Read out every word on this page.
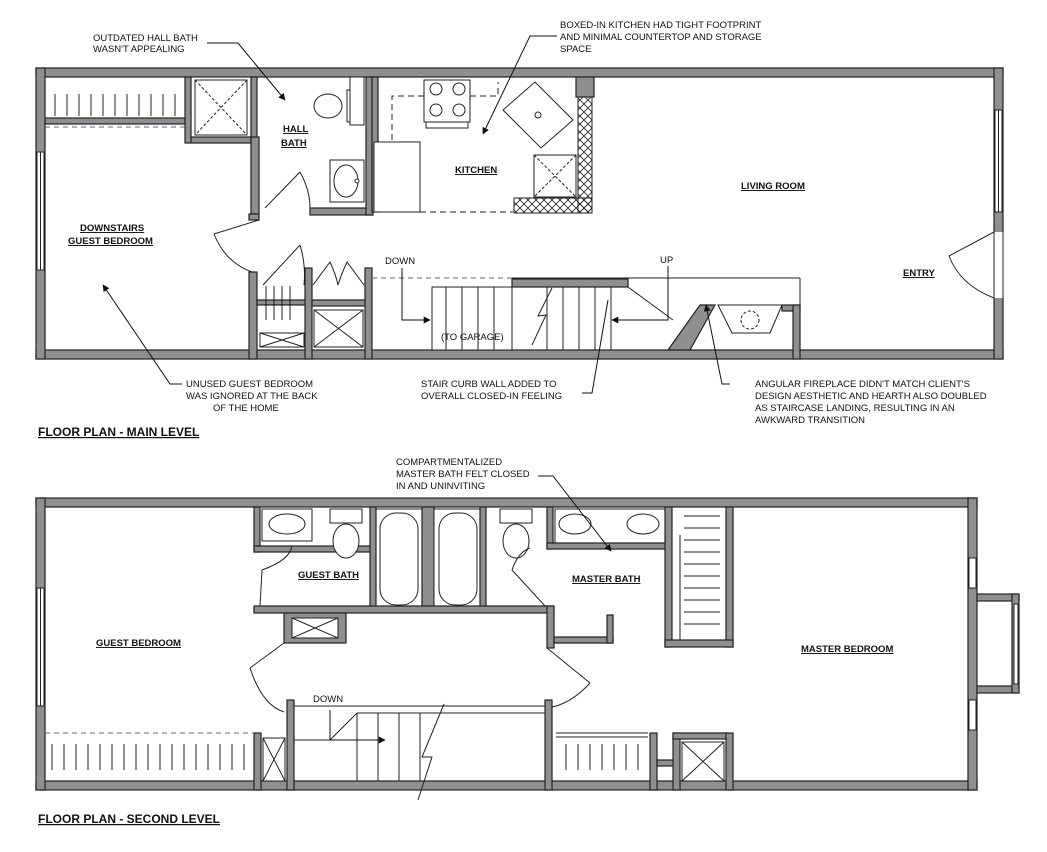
OUTDATED HALL BATH
WASN'T APPEALING
BOXED-IN KITCHEN HAD TIGHT FOOTPRINT
AND MINIMAL COUNTERTOP AND STORAGE
SPACE
HALL
BATH
KITCHEN
LIVING ROOM
DOWNSTAIRS
GUEST BEDROOM
ENTRY
DOWN	UP
(TO GARAGE)
UNUSED GUEST BEDROOM
WAS IGNORED AT THE BACK
OF THE HOME
STAIR CURB WALL ADDED TO
OVERALL CLOSED-IN FEELING
ANGULAR FIREPLACE DIDN'T MATCH CLIENT'S
DESIGN AESTHETIC AND HEARTH ALSO DOUBLED
AS STAIRCASE LANDING, RESULTING IN AN
AWKWARD TRANSITION
FLOOR PLAN - MAIN LEVEL
COMPARTMENTALIZED
MASTER BATH FELT CLOSED
IN AND UNINVITING
GUEST BATH	MASTER BATH
GUEST BEDROOM
MASTER BEDROOM
DOWN
FLOOR PLAN - SECOND LEVEL
